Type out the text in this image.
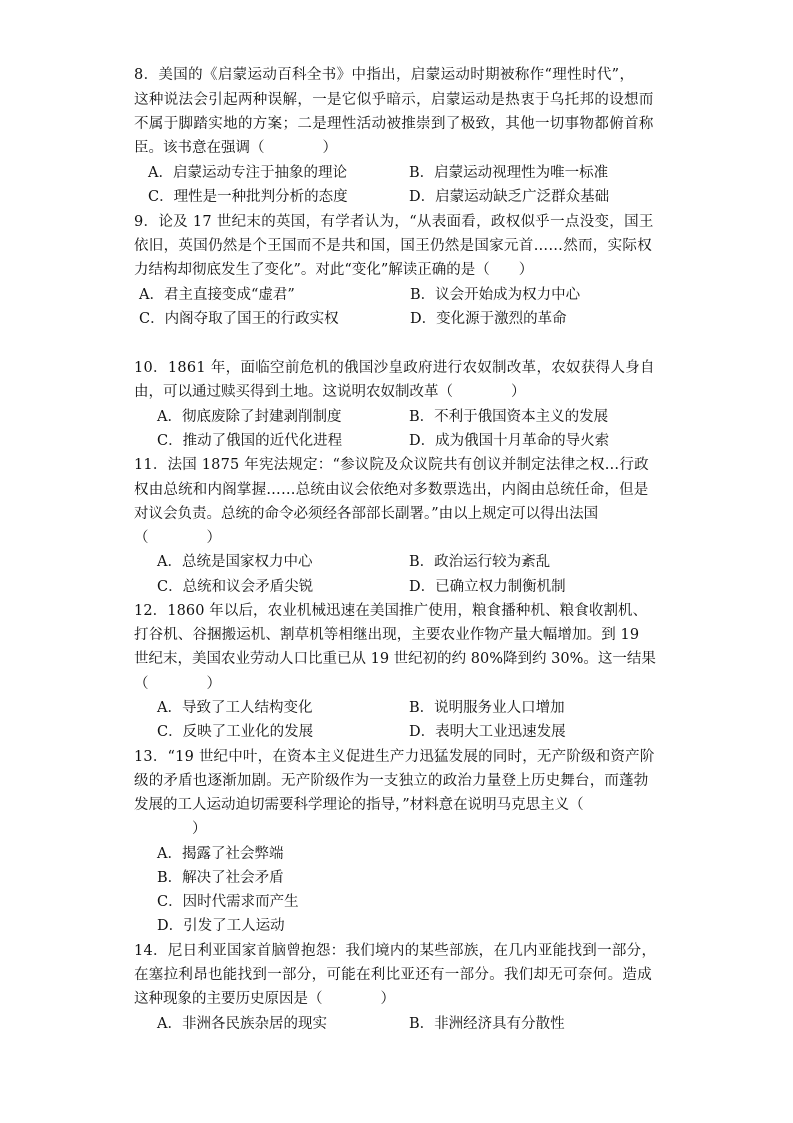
8．美国的《启蒙运动百科全书》中指出，启蒙运动时期被称作“理性时代”，
这种说法会引起两种误解，一是它似乎暗示，启蒙运动是热衷于乌托邦的设想而
不属于脚踏实地的方案；二是理性活动被推崇到了极致，其他一切事物都俯首称
臣。该书意在强调（　　　　）
A．启蒙运动专注于抽象的理论	B．启蒙运动视理性为唯一标准
C．理性是一种批判分析的态度	D．启蒙运动缺乏广泛群众基础
9．论及 17 世纪末的英国，有学者认为，“从表面看，政权似乎一点没变，国王
依旧，英国仍然是个王国而不是共和国，国王仍然是国家元首……然而，实际权
力结构却彻底发生了变化”。对此“变化”解读正确的是（　　）
A．君主直接变成“虚君”	B．议会开始成为权力中心
C．内阁夺取了国王的行政实权	D．变化源于激烈的革命
10．1861 年，面临空前危机的俄国沙皇政府进行农奴制改革，农奴获得人身自
由，可以通过赎买得到土地。这说明农奴制改革（　　　　）
A．彻底废除了封建剥削制度	B．不利于俄国资本主义的发展
C．推动了俄国的近代化进程	D．成为俄国十月革命的导火索
11．法国 1875 年宪法规定：“参议院及众议院共有创议并制定法律之权…行政
权由总统和内阁掌握……总统由议会依绝对多数票选出，内阁由总统任命，但是
对议会负责。总统的命令必须经各部部长副署。”由以上规定可以得出法国
（　　　　）
A．总统是国家权力中心	B．政治运行较为紊乱
C．总统和议会矛盾尖锐	D．已确立权力制衡机制
12．1860 年以后，农业机械迅速在美国推广使用，粮食播种机、粮食收割机、
打谷机、谷捆搬运机、割草机等相继出现，主要农业作物产量大幅增加。到 19
世纪末，美国农业劳动人口比重已从 19 世纪初的约 80%降到约 30%。这一结果
（　　　　）
A．导致了工人结构变化	B．说明服务业人口增加
C．反映了工业化的发展	D．表明大工业迅速发展
13．“19 世纪中叶，在资本主义促进生产力迅猛发展的同时，无产阶级和资产阶
级的矛盾也逐渐加剧。无产阶级作为一支独立的政治力量登上历史舞台，而蓬勃
发展的工人运动迫切需要科学理论的指导，”材料意在说明马克思主义（
　　　　）
A．揭露了社会弊端
B．解决了社会矛盾
C．因时代需求而产生
D．引发了工人运动
14．尼日利亚国家首脑曾抱怨：我们境内的某些部族，在几内亚能找到一部分，
在塞拉利昂也能找到一部分，可能在利比亚还有一部分。我们却无可奈何。造成
这种现象的主要历史原因是（　　　　）
A．非洲各民族杂居的现实	B．非洲经济具有分散性
